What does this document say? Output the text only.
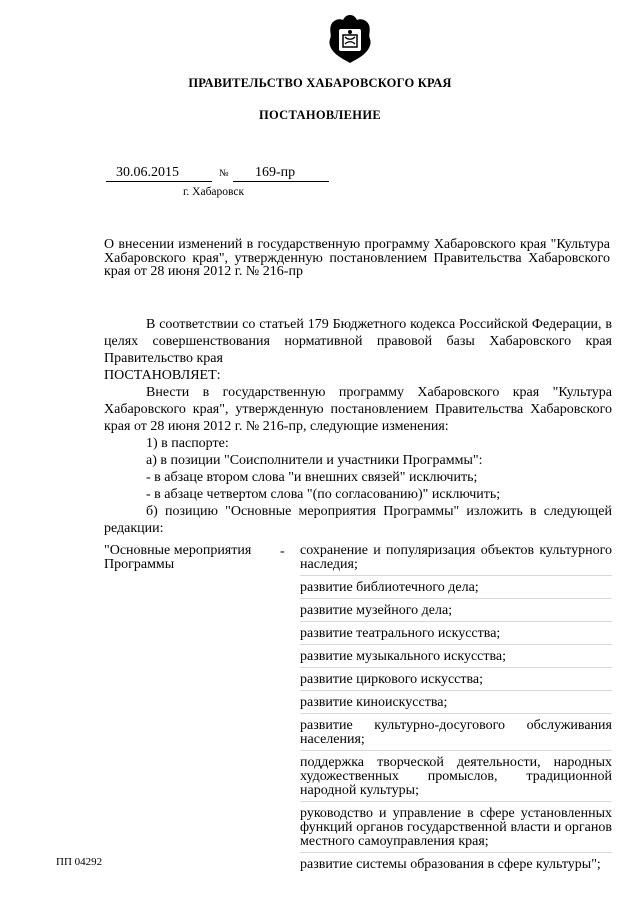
ПРАВИТЕЛЬСТВО ХАБАРОВСКОГО КРАЯ
ПОСТАНОВЛЕНИЕ
30.06.2015	№ 169-пр
г. Хабаровск
О внесении изменений в государственную программу Хабаровского края "Культура Хабаровского края", утвержденную постановлением Правительства Хабаровского края от 28 июня 2012 г. № 216-пр

В соответствии со статьей 179 Бюджетного кодекса Российской Федерации, в целях совершенствования нормативной правовой базы Хабаровского края Правительство края

ПОСТАНОВЛЯЕТ:

Внести в государственную программу Хабаровского края "Культура Хабаровского края", утвержденную постановлением Правительства Хабаровского края от 28 июня 2012 г. № 216-пр, следующие изменения:

1) в паспорте:

а) в позиции "Соисполнители и участники Программы":

- в абзаце втором слова "и внешних связей" исключить;

- в абзаце четвертом слова "(по согласованию)" исключить;

б) позицию "Основные мероприятия Программы" изложить в следующей редакции:

"Основные мероприятия Программы
- сохранение и популяризация объектов культурного наследия;
развитие библиотечного дела;
развитие музейного дела;
развитие театрального искусства;
развитие музыкального искусства;
развитие циркового искусства;
развитие киноискусства;
развитие культурно-досугового обслуживания населения;
поддержка творческой деятельности, народных художественных промыслов, традиционной народной культуры;
руководство и управление в сфере установленных функций органов государственной власти и органов местного самоуправления края;
развитие системы образования в сфере культуры";
ПП 04292
